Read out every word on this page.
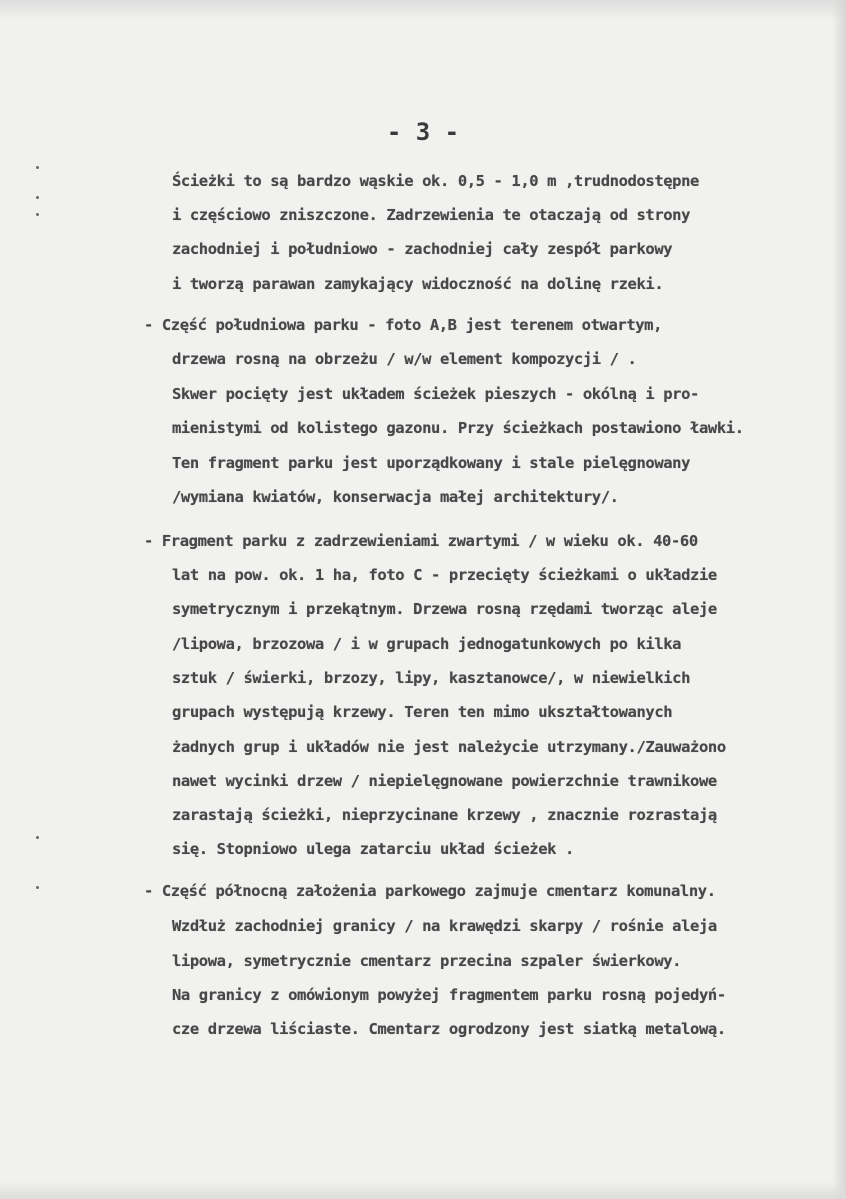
- 3 -
Ścieżki to są bardzo wąskie ok. 0,5 - 1,0 m ,trudnodostępne
i częściowo zniszczone. Zadrzewienia te otaczają od strony
zachodniej i południowo - zachodniej cały zespół parkowy
i tworzą parawan zamykający widoczność na dolinę rzeki.
- Część południowa parku - foto A,B jest terenem otwartym,
drzewa rosną na obrzeżu / w/w element kompozycji / .
Skwer pocięty jest układem ścieżek pieszych - okólną i pro-
mienistymi od kolistego gazonu. Przy ścieżkach postawiono ławki.
Ten fragment parku jest uporządkowany i stale pielęgnowany
/wymiana kwiatów, konserwacja małej architektury/.
- Fragment parku z zadrzewieniami zwartymi / w wieku ok. 40-60
lat na pow. ok. 1 ha, foto C - przecięty ścieżkami o układzie
symetrycznym i przekątnym. Drzewa rosną rzędami tworząc aleje
/lipowa, brzozowa / i w grupach jednogatunkowych po kilka
sztuk / świerki, brzozy, lipy, kasztanowce/, w niewielkich
grupach występują krzewy. Teren ten mimo ukształtowanych
żadnych grup i układów nie jest należycie utrzymany./Zauważono
nawet wycinki drzew / niepielęgnowane powierzchnie trawnikowe
zarastają ścieżki, nieprzycinane krzewy , znacznie rozrastają
się. Stopniowo ulega zatarciu układ ścieżek .
- Część północną założenia parkowego zajmuje cmentarz komunalny.
Wzdłuż zachodniej granicy / na krawędzi skarpy / rośnie aleja
lipowa, symetrycznie cmentarz przecina szpaler świerkowy.
Na granicy z omówionym powyżej fragmentem parku rosną pojedyń-
cze drzewa liściaste. Cmentarz ogrodzony jest siatką metalową.
